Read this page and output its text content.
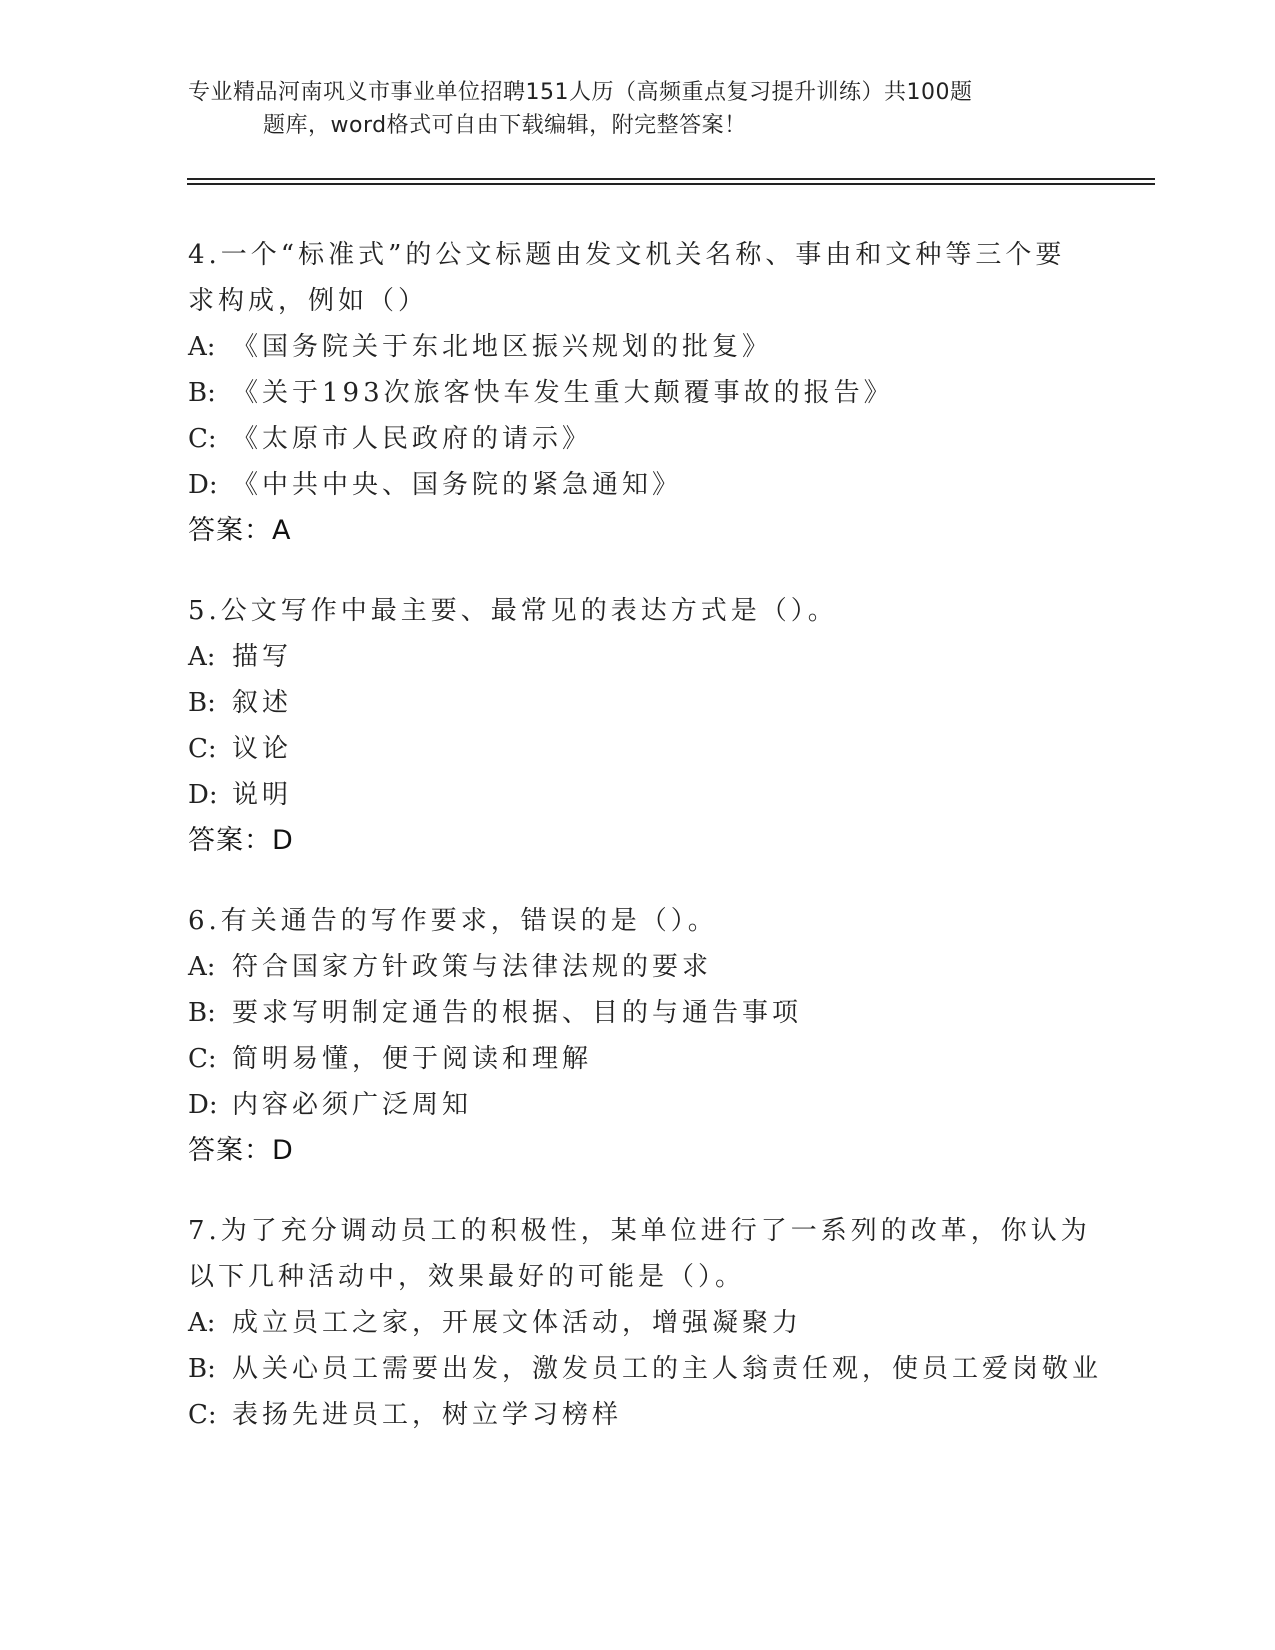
专业精品河南巩义市事业单位招聘151人历（高频重点复习提升训练）共100题
题库，word格式可自由下载编辑，附完整答案！
4.一个“标准式”的公文标题由发文机关名称、事由和文种等三个要
求构成，例如（）
A: 《国务院关于东北地区振兴规划的批复》
B: 《关于193次旅客快车发生重大颠覆事故的报告》
C: 《太原市人民政府的请示》
D: 《中共中央、国务院的紧急通知》
答案：A
5.公文写作中最主要、最常见的表达方式是（）。
A: 描写
B: 叙述
C: 议论
D: 说明
答案：D
6.有关通告的写作要求，错误的是（）。
A: 符合国家方针政策与法律法规的要求
B: 要求写明制定通告的根据、目的与通告事项
C: 简明易懂，便于阅读和理解
D: 内容必须广泛周知
答案：D
7.为了充分调动员工的积极性，某单位进行了一系列的改革，你认为
以下几种活动中，效果最好的可能是（）。
A: 成立员工之家，开展文体活动，增强凝聚力
B: 从关心员工需要出发，激发员工的主人翁责任观，使员工爱岗敬业
C: 表扬先进员工，树立学习榜样
